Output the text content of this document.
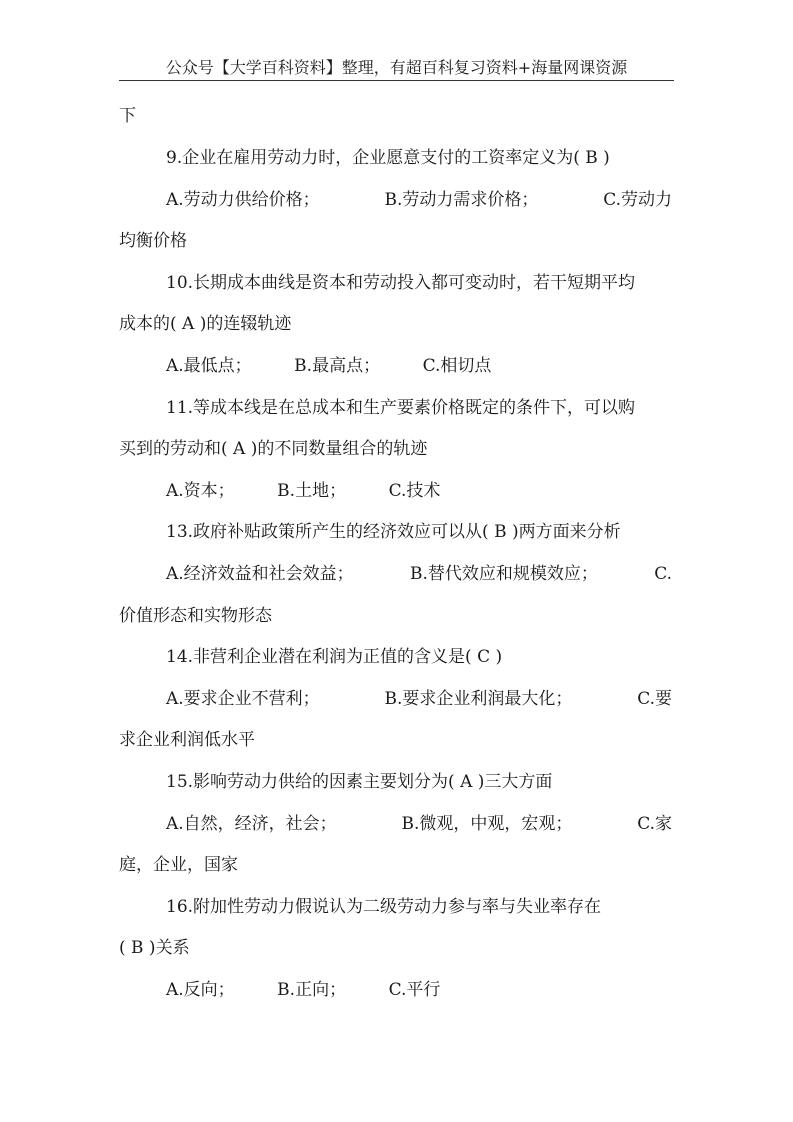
公众号【大学百科资料】整理，有超百科复习资料+海量网课资源
下
9.企业在雇用劳动力时，企业愿意支付的工资率定义为( B )
A.劳动力供给价格；	B.劳动力需求价格；	C.劳动力
均衡价格
10.长期成本曲线是资本和劳动投入都可变动时，若干短期平均
成本的( A )的连辍轨迹
A.最低点；　　　B.最高点；　　　C.相切点
11.等成本线是在总成本和生产要素价格既定的条件下，可以购
买到的劳动和( A )的不同数量组合的轨迹
A.资本；　　　B.土地；　　　C.技术
13.政府补贴政策所产生的经济效应可以从( B )两方面来分析
A.经济效益和社会效益；	B.替代效应和规模效应；	C.
价值形态和实物形态
14.非营利企业潜在利润为正值的含义是( C )
A.要求企业不营利；	B.要求企业利润最大化；	C.要
求企业利润低水平
15.影响劳动力供给的因素主要划分为( A )三大方面
A.自然，经济，社会；	B.微观，中观，宏观；	C.家
庭，企业，国家
16.附加性劳动力假说认为二级劳动力参与率与失业率存在
( B )关系
A.反向；　　　B.正向；　　　C.平行
